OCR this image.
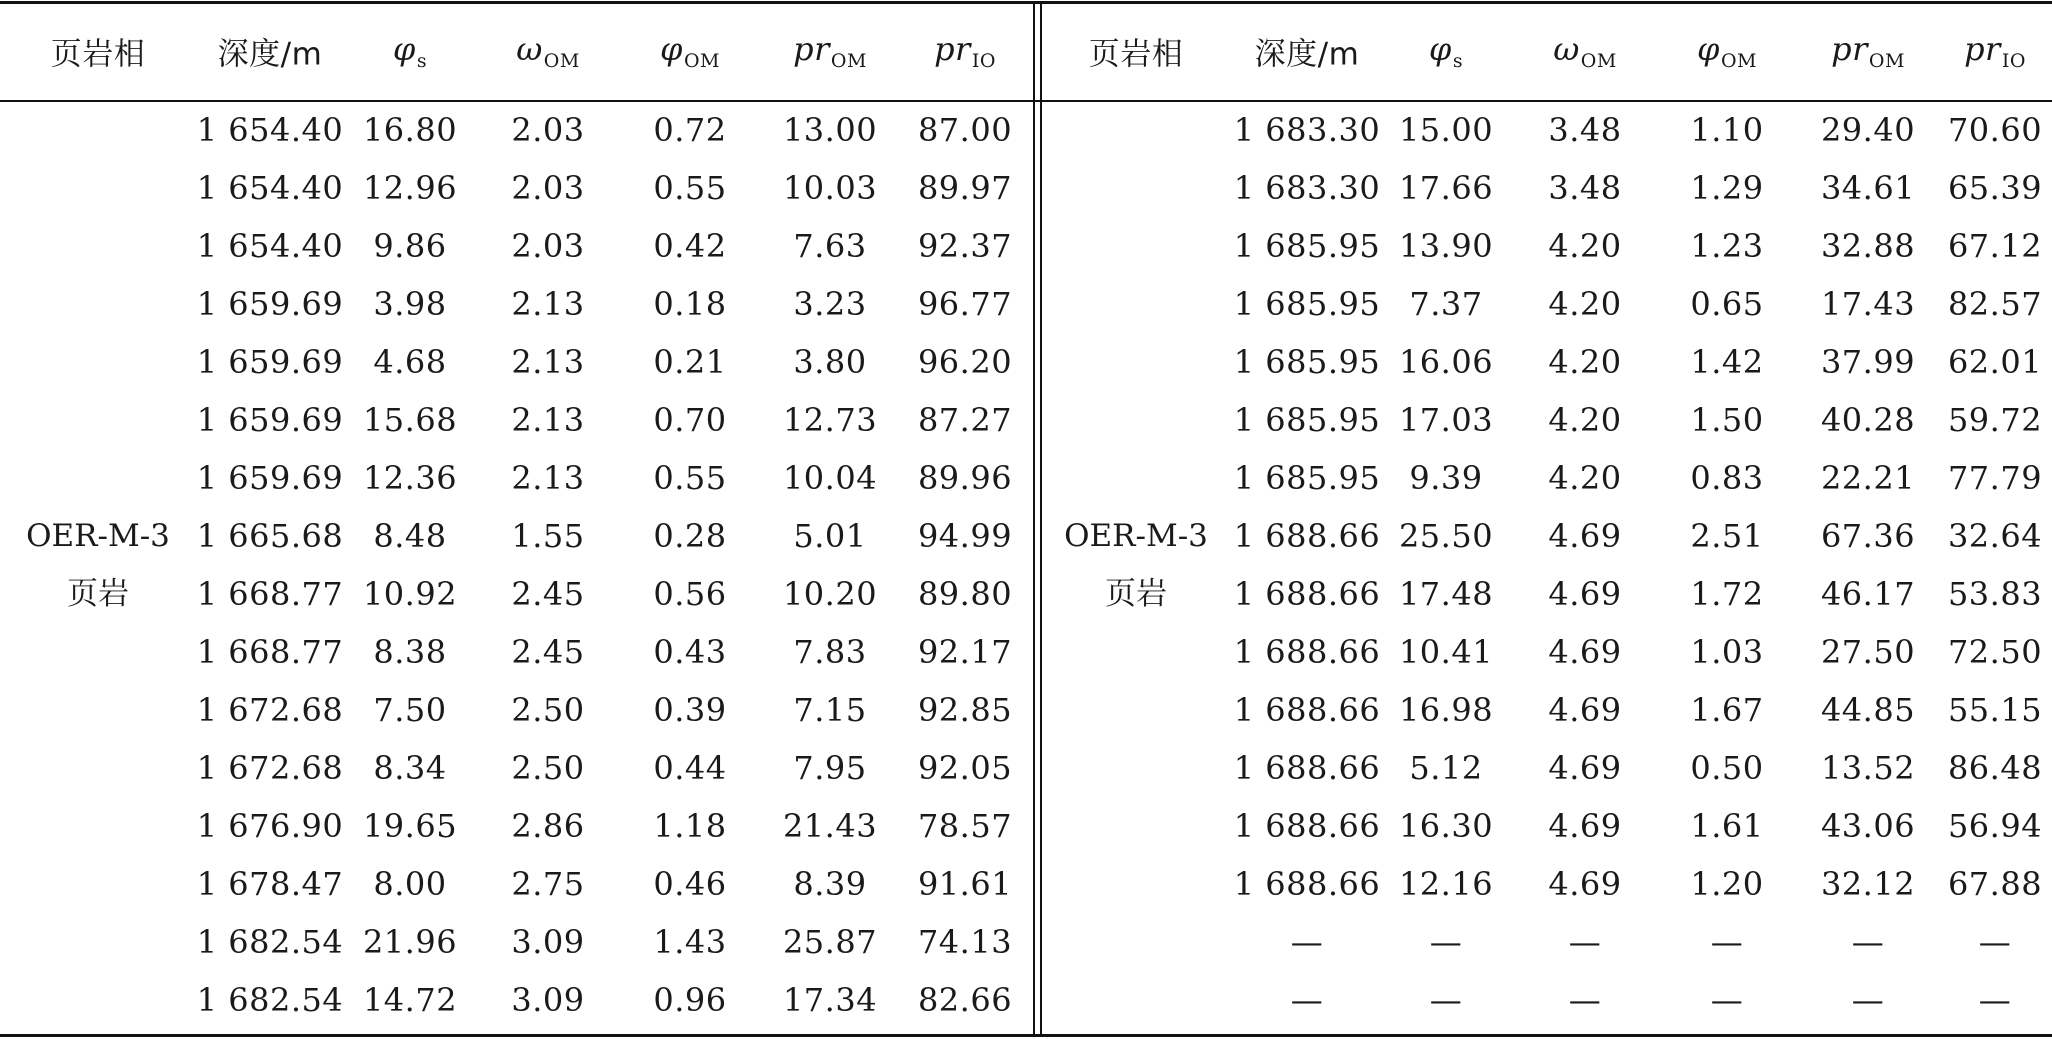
页岩相 深度/m $\varphi_s$	$\omega_{OM}$	$\varphi_{OM}$ $pr_{OM}$ $pr_{IO}$
OER-M-3
页岩
1 654.40 16.80 2.03 0.72 13.00 87.00
1 654.40 12.96 2.03 0.55 10.03 89.97
1 654.40 9.86 2.03 0.42 7.63 92.37
1 659.69 3.98 2.13 0.18 3.23 96.77
1 659.69 4.68 2.13 0.21 3.80 96.20
1 659.69 15.68 2.13 0.70 12.73 87.27
1 659.69 12.36 2.13 0.55 10.04 89.96
1 665.68 8.48 1.55 0.28 5.01 94.99
1 668.77 10.92 2.45 0.56 10.20 89.80
1 668.77 8.38 2.45 0.43 7.83 92.17
1 672.68 7.50 2.50 0.39 7.15 92.85
1 672.68 8.34 2.50 0.44 7.95 92.05
1 676.90 19.65 2.86 1.18 21.43 78.57
1 678.47 8.00 2.75 0.46 8.39 91.61
1 682.54 21.96 3.09 1.43 25.87 74.13
1 682.54 14.72 3.09 0.96 17.34 82.66
页岩相 深度/m $\varphi_s$	$\omega_{OM}$	$\varphi_{OM}$ $pr_{OM}$ $pr_{IO}$
OER-M-3
页岩
1 683.30 15.00 3.48 1.10 29.40 70.60
1 683.30 17.66 3.48 1.29 34.61 65.39
1 685.95 13.90 4.20 1.23 32.88 67.12
1 685.95 7.37 4.20 0.65 17.43 82.57
1 685.95 16.06 4.20 1.42 37.99 62.01
1 685.95 17.03 4.20 1.50 40.28 59.72
1 685.95 9.39 4.20 0.83 22.21 77.79
1 688.66 25.50 4.69 2.51 67.36 32.64
1 688.66 17.48 4.69 1.72 46.17 53.83
1 688.66 10.41 4.69 1.03 27.50 72.50
1 688.66 16.98 4.69 1.67 44.85 55.15
1 688.66 5.12 4.69 0.50 13.52 86.48
1 688.66 16.30 4.69 1.61 43.06 56.94
1 688.66 12.16 4.69 1.20 32.12 67.88
—	—	—	—	—	—
—	—	—	—	—	—
